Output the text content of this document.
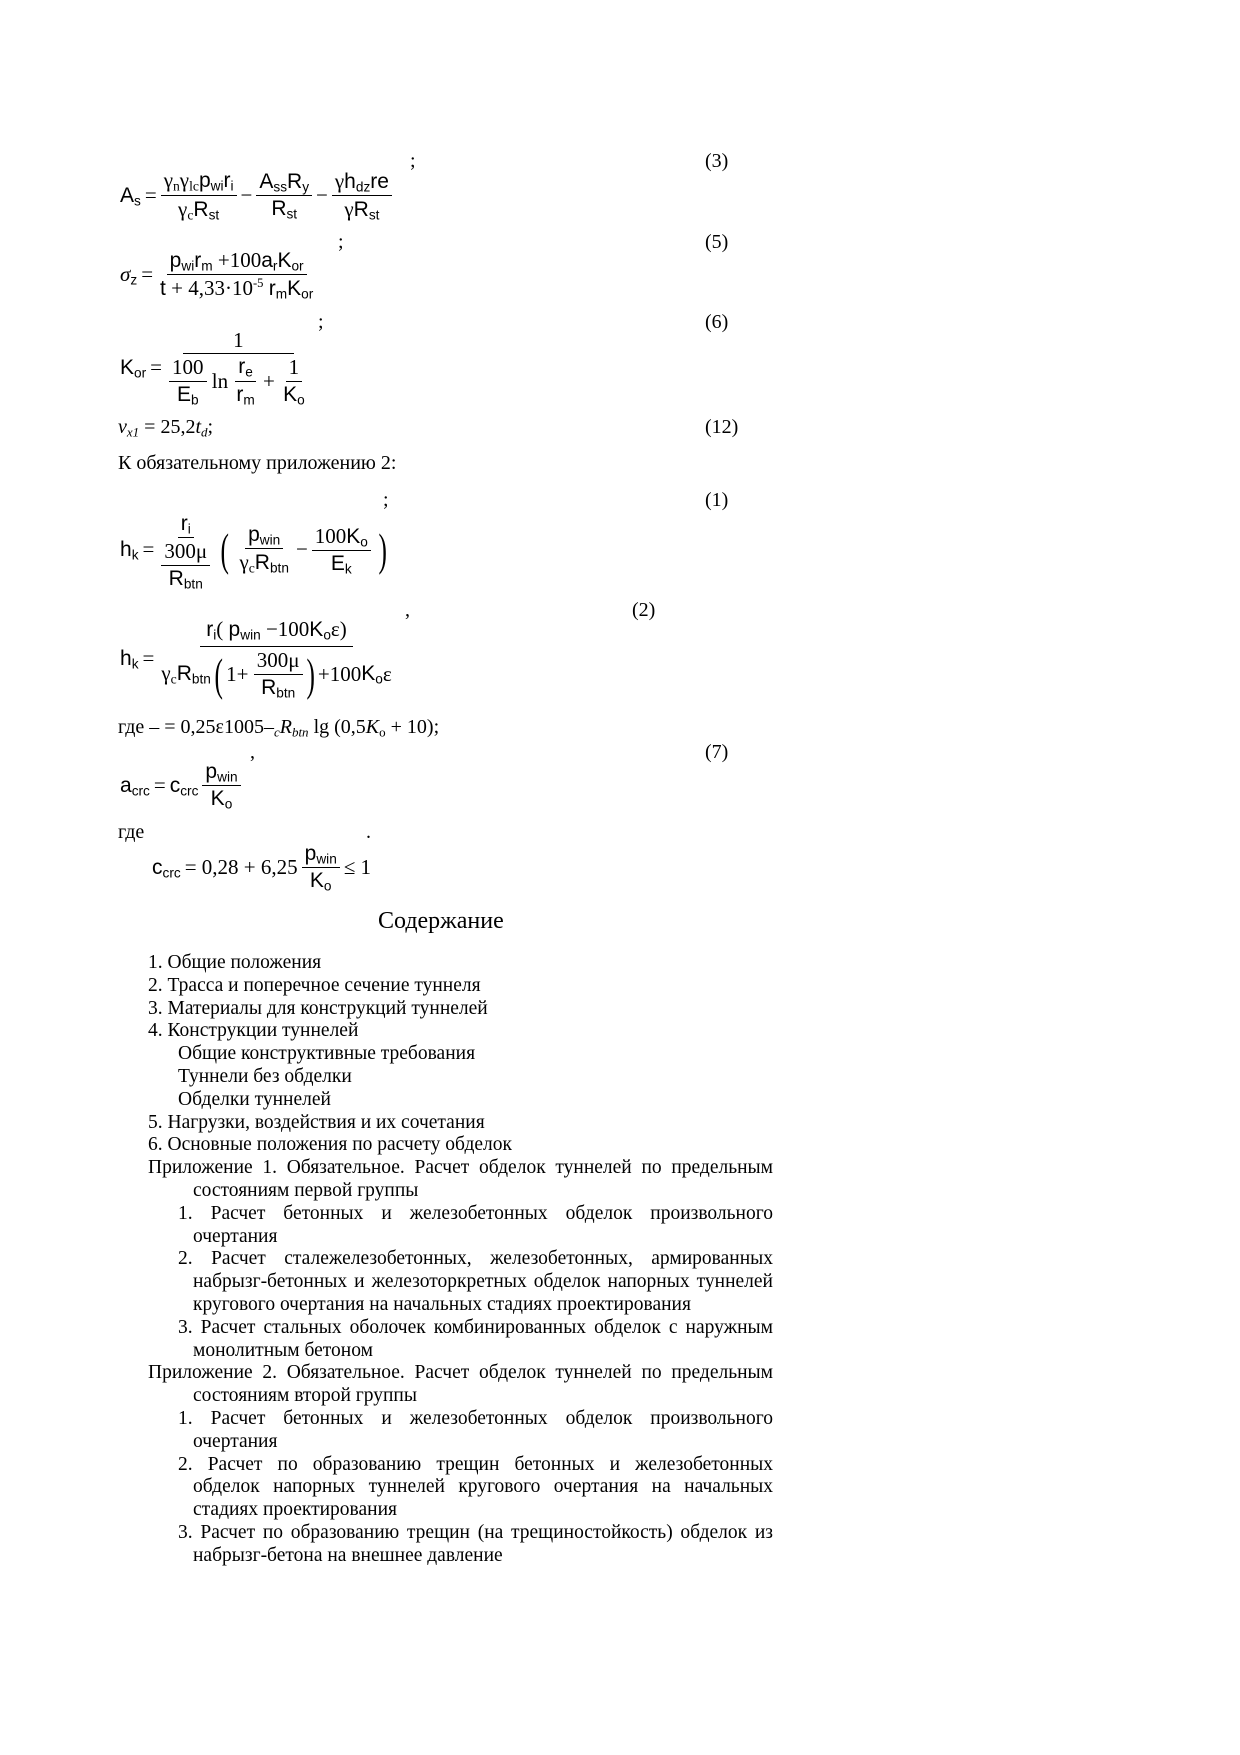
(3)
;
$A_s = \frac{\gamma_n\gamma_{lc}p_{wi}r_i}{\gamma_cR_{st}} - \frac{A_{ss}R_y}{R_{st}} - \frac{\gamma h_{dz}re}{\gamma R_{st}}$
(5)
;
$\sigma_z = \frac{p_{wi}r_m +100a_rK_{or}}{t + 4,33\cdot 10^{-5} r_mK_{or}}$
(6)
;
$K_{or} = \frac{1}{\frac{100}{E_b} \ln \frac{r_e}{r_m} + \frac{1}{K_o}}$
(12)
$v_{x1} = 25,2t_d$;
К обязательному приложению 2:
(1)
;
$h_k = \frac{r_i}{\frac{300\mu}{R_{btn}}}$ ( $\frac{p_{win}}{\gamma_cR_{btn}} - \frac{100K_o}{E_k}$ )
(2)
,
$h_k$ =
$r_i$( $p_{win} -100K_o\varepsilon$)
$\gamma_c$ $R_{btn}$ ( $1+ \frac{300\mu}{R_{btn}}$ ) +100 $K_o$ ε
где – = $0,25\varepsilon 1005-_cR_{btn}$ $\lg (0,5K_o + 10)$;
(7)
,
$a_{crc} = c_{crc} \frac{p_{win}}{K_o}$
где	.
$c_{crc} = 0,28 + 6,25 \frac{p_{win}}{K_o} \le 1$
Содержание
1. Общие положения
2. Трасса и поперечное сечение туннеля
3. Материалы для конструкций туннелей
4. Конструкции туннелей
Общие конструктивные требования
Туннели без обделки
Обделки туннелей
5. Нагрузки, воздействия и их сочетания
6. Основные положения по расчету обделок
Приложение 1. Обязательное. Расчет обделок туннелей по предельным состояниям первой группы
1. Расчет бетонных и железобетонных обделок произвольного очертания
2. Расчет сталежелезобетонных, железобетонных, армированных набрызг-бетонных и железоторкретных обделок напорных туннелей кругового очертания на начальных стадиях проектирования
3. Расчет стальных оболочек комбинированных обделок с наружным монолитным бетоном
Приложение 2. Обязательное. Расчет обделок туннелей по предельным состояниям второй группы
1. Расчет бетонных и железобетонных обделок произвольного очертания
2. Расчет по образованию трещин бетонных и железобетонных обделок напорных туннелей кругового очертания на начальных стадиях проектирования
3. Расчет по образованию трещин (на трещиностойкость) обделок из набрызг-бетона на внешнее давление
